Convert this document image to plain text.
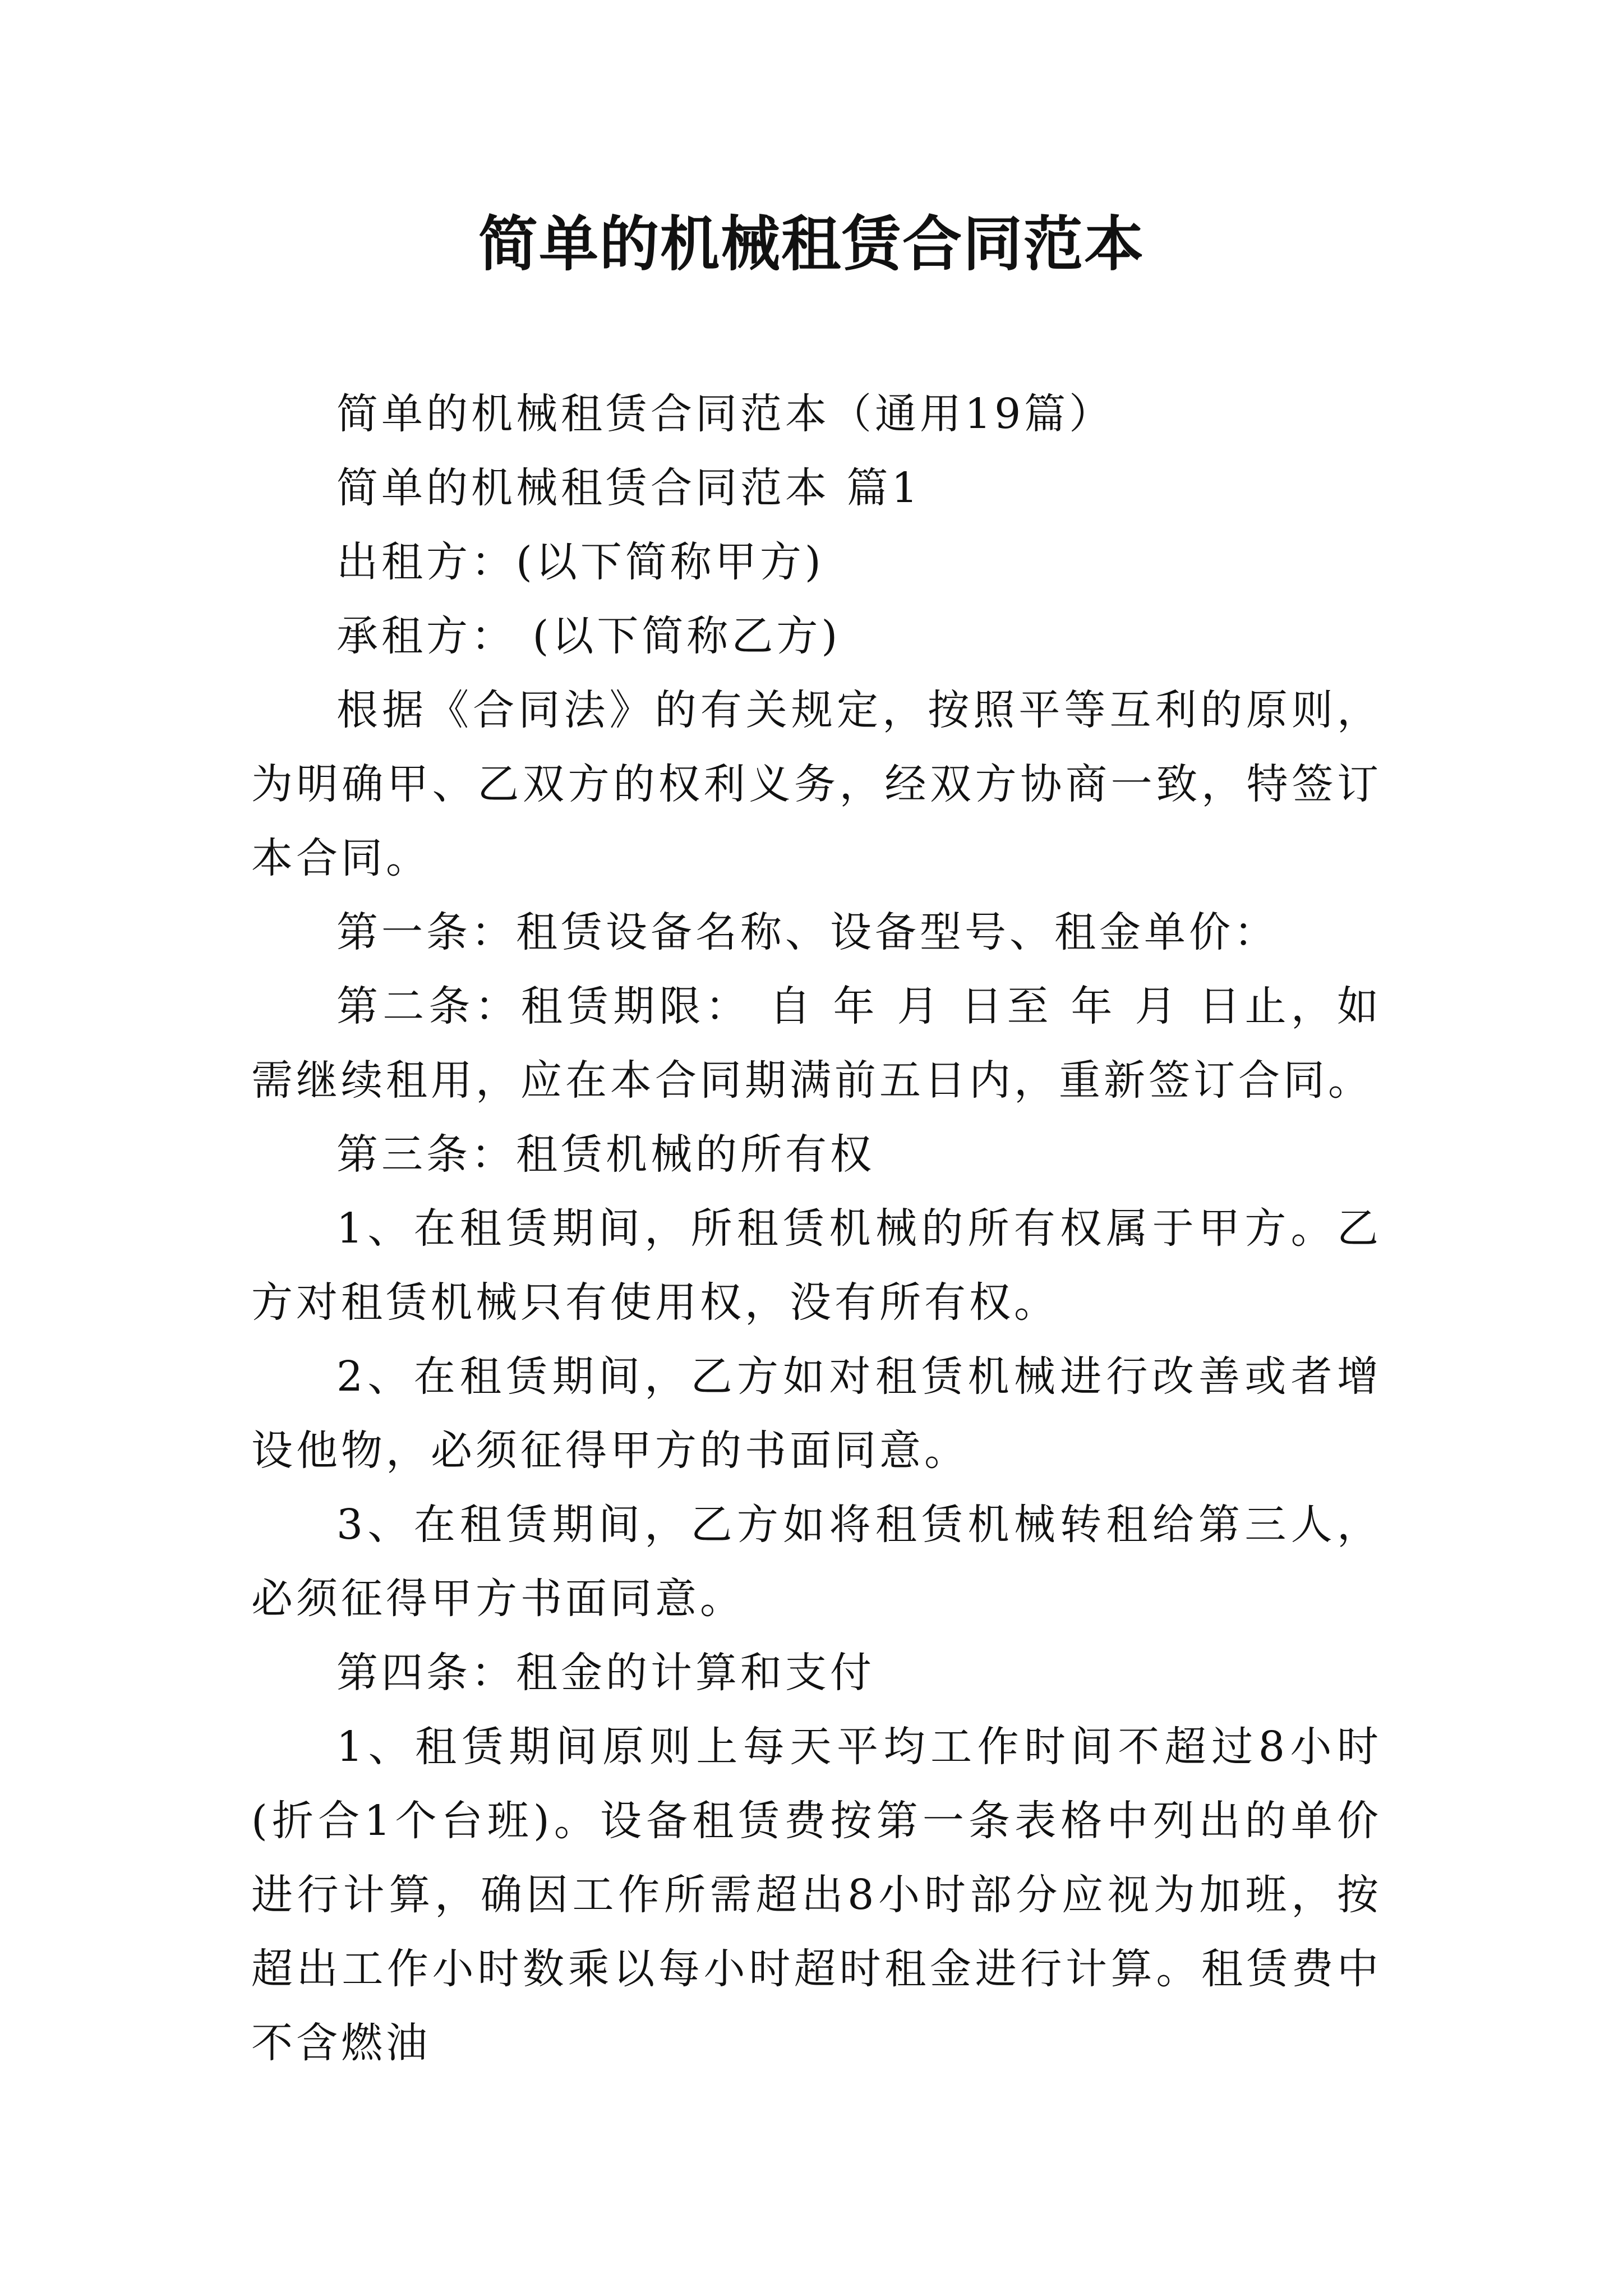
简单的机械租赁合同范本

简单的机械租赁合同范本（通用19篇）

简单的机械租赁合同范本 篇1

出租方：(以下简称甲方)

承租方： (以下简称乙方)

根据《合同法》的有关规定，按照平等互利的原则，为明确甲、乙双方的权利义务，经双方协商一致，特签订本合同。

第一条：租赁设备名称、设备型号、租金单价：

第二条：租赁期限： 自 年 月 日至 年 月 日止，如需继续租用，应在本合同期满前五日内，重新签订合同。

第三条：租赁机械的所有权

1、在租赁期间，所租赁机械的所有权属于甲方。乙方对租赁机械只有使用权，没有所有权。

2、在租赁期间，乙方如对租赁机械进行改善或者增设他物，必须征得甲方的书面同意。

3、在租赁期间，乙方如将租赁机械转租给第三人，必须征得甲方书面同意。

第四条：租金的计算和支付

1、租赁期间原则上每天平均工作时间不超过8小时(折合1个台班)。设备租赁费按第一条表格中列出的单价进行计算，确因工作所需超出8小时部分应视为加班，按超出工作小时数乘以每小时超时租金进行计算。租赁费中不含燃油
